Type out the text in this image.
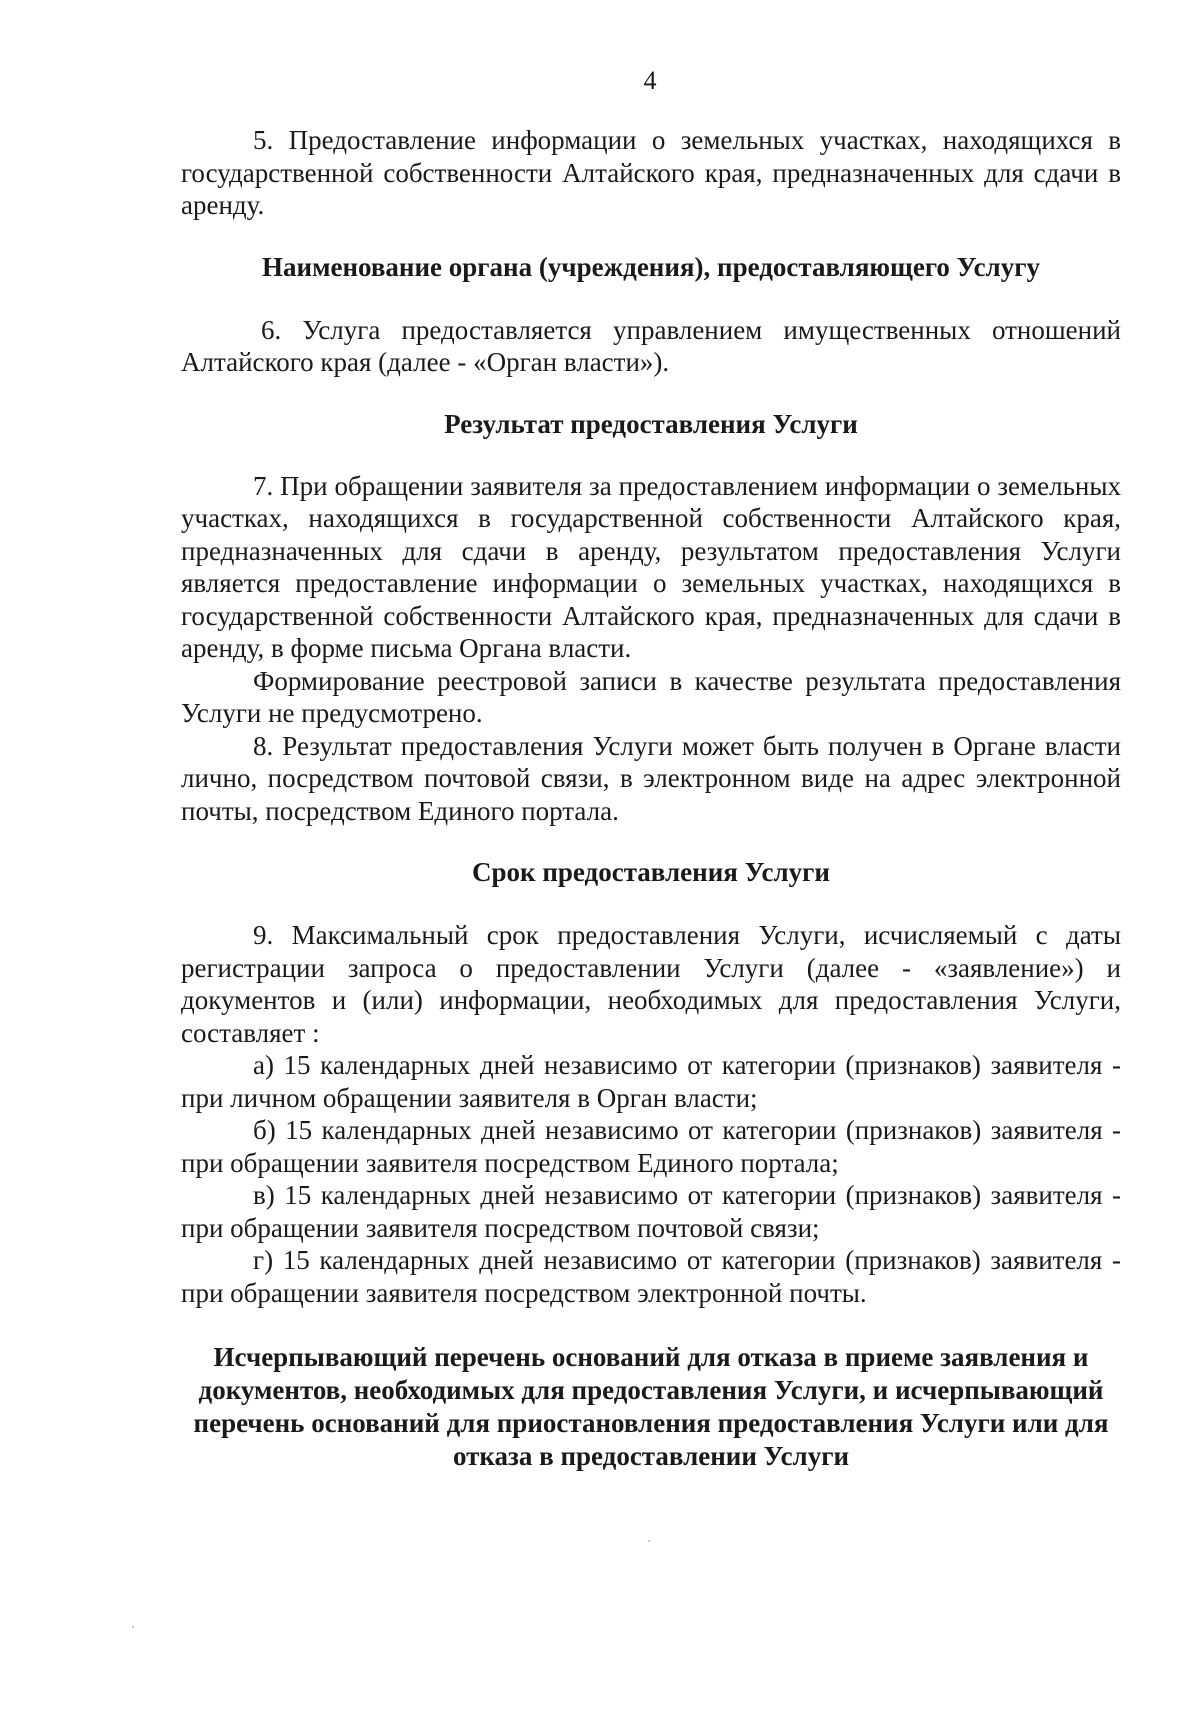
4

5. Предоставление информации о земельных участках, находящихся в государственной собственности Алтайского края, предназначенных для сдачи в аренду.

Наименование органа (учреждения), предоставляющего Услугу

6. Услуга предоставляется управлением имущественных отношений Алтайского края (далее - «Орган власти»).

Результат предоставления Услуги

7. При обращении заявителя за предоставлением информации о земельных участках, находящихся в государственной собственности Алтайского края, предназначенных для сдачи в аренду, результатом предоставления Услуги является предоставление информации о земельных участках, находящихся в государственной собственности Алтайского края, предназначенных для сдачи в аренду, в форме письма Органа власти.

Формирование реестровой записи в качестве результата предоставления Услуги не предусмотрено.

8. Результат предоставления Услуги может быть получен в Органе власти лично, посредством почтовой связи, в электронном виде на адрес электронной почты, посредством Единого портала.

Срок предоставления Услуги

9. Максимальный срок предоставления Услуги, исчисляемый с даты регистрации запроса о предоставлении Услуги (далее - «заявление») и документов и (или) информации, необходимых для предоставления Услуги, составляет :

а) 15 календарных дней независимо от категории (признаков) заявителя - при личном обращении заявителя в Орган власти;

б) 15 календарных дней независимо от категории (признаков) заявителя - при обращении заявителя посредством Единого портала;

в) 15 календарных дней независимо от категории (признаков) заявителя - при обращении заявителя посредством почтовой связи;

г) 15 календарных дней независимо от категории (признаков) заявителя - при обращении заявителя посредством электронной почты.

Исчерпывающий перечень оснований для отказа в приеме заявления и документов, необходимых для предоставления Услуги, и исчерпывающий перечень оснований для приостановления предоставления Услуги или для отказа в предоставлении Услуги
